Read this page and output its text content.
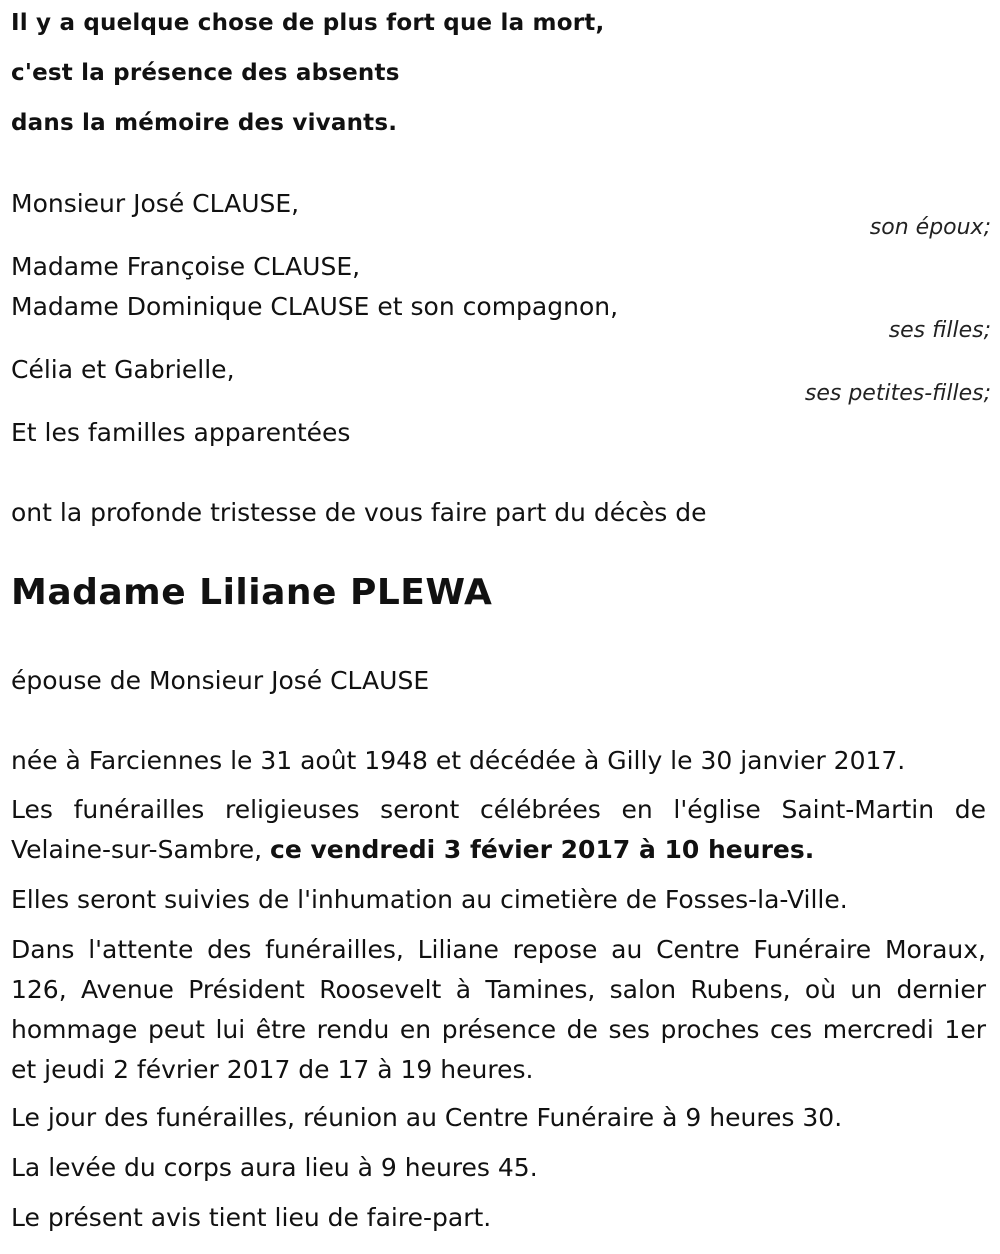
Il y a quelque chose de plus fort que la mort,
c'est la présence des absents
dans la mémoire des vivants.
Monsieur José CLAUSE,
son époux;
Madame Françoise CLAUSE,
Madame Dominique CLAUSE et son compagnon,
ses filles;
Célia et Gabrielle,
ses petites-filles;
Et les familles apparentées
ont la profonde tristesse de vous faire part du décès de
Madame Liliane PLEWA
épouse de Monsieur José CLAUSE
née à Farciennes le 31 août 1948 et décédée à Gilly le 30 janvier 2017.
Les funérailles religieuses seront célébrées en l'église Saint-Martin de Velaine-sur-Sambre, ce vendredi 3 févier 2017 à 10 heures.
Elles seront suivies de l'inhumation au cimetière de Fosses-la-Ville.
Dans l'attente des funérailles, Liliane repose au Centre Funéraire Moraux, 126, Avenue Président Roosevelt à Tamines, salon Rubens, où un dernier hommage peut lui être rendu en présence de ses proches ces mercredi 1er et jeudi 2 février 2017 de 17 à 19 heures.
Le jour des funérailles, réunion au Centre Funéraire à 9 heures 30.
La levée du corps aura lieu à 9 heures 45.
Le présent avis tient lieu de faire-part.
